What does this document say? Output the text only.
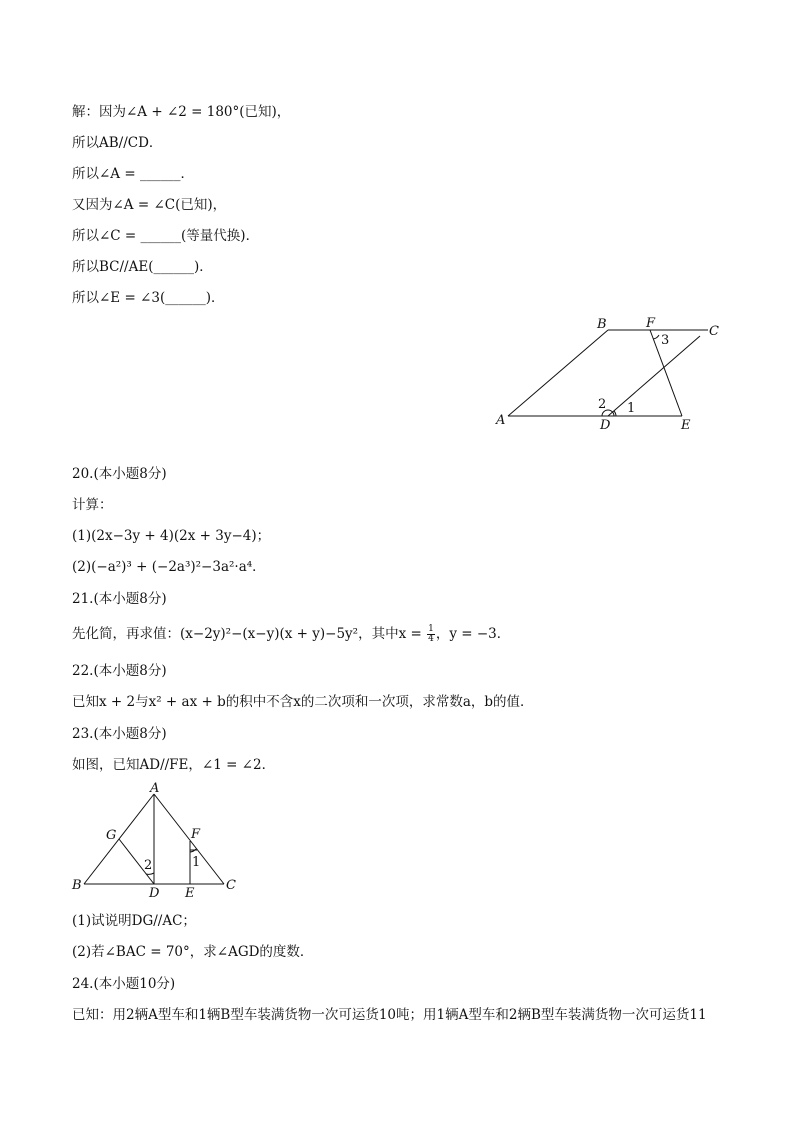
解：因为∠A + ∠2 = 180°(已知)，
所以AB//CD．
所以∠A = ______．
又因为∠A = ∠C(已知)，
所以∠C = ______(等量代换)．
所以BC//AE(______)．
所以∠E = ∠3(______)．
A
B	C
D	E
F
1
2
3
20.(本小题8分)
计算：
(1)(2x−3y + 4)(2x + 3y−4)；
(2)(−a²)³ + (−2a³)²−3a²·a⁴．
21.(本小题8分)
先化简，再求值：(x−2y)²−(x−y)(x + y)−5y²，其中$x = \frac{1}{4}$ ，y = −3．
22.(本小题8分)
已知x + 2与x² + ax + b的积中不含x的二次项和一次项，求常数a，b的值．
23.(本小题8分)
如图，已知AD//FE，∠1 = ∠2．
A
B	C
D E
F
G
1
2
(1)试说明DG//AC；
(2)若∠BAC = 70°，求∠AGD的度数．
24.(本小题10分)
已知：用2辆A型车和1辆B型车装满货物一次可运货10吨；用1辆A型车和2辆B型车装满货物一次可运货11
